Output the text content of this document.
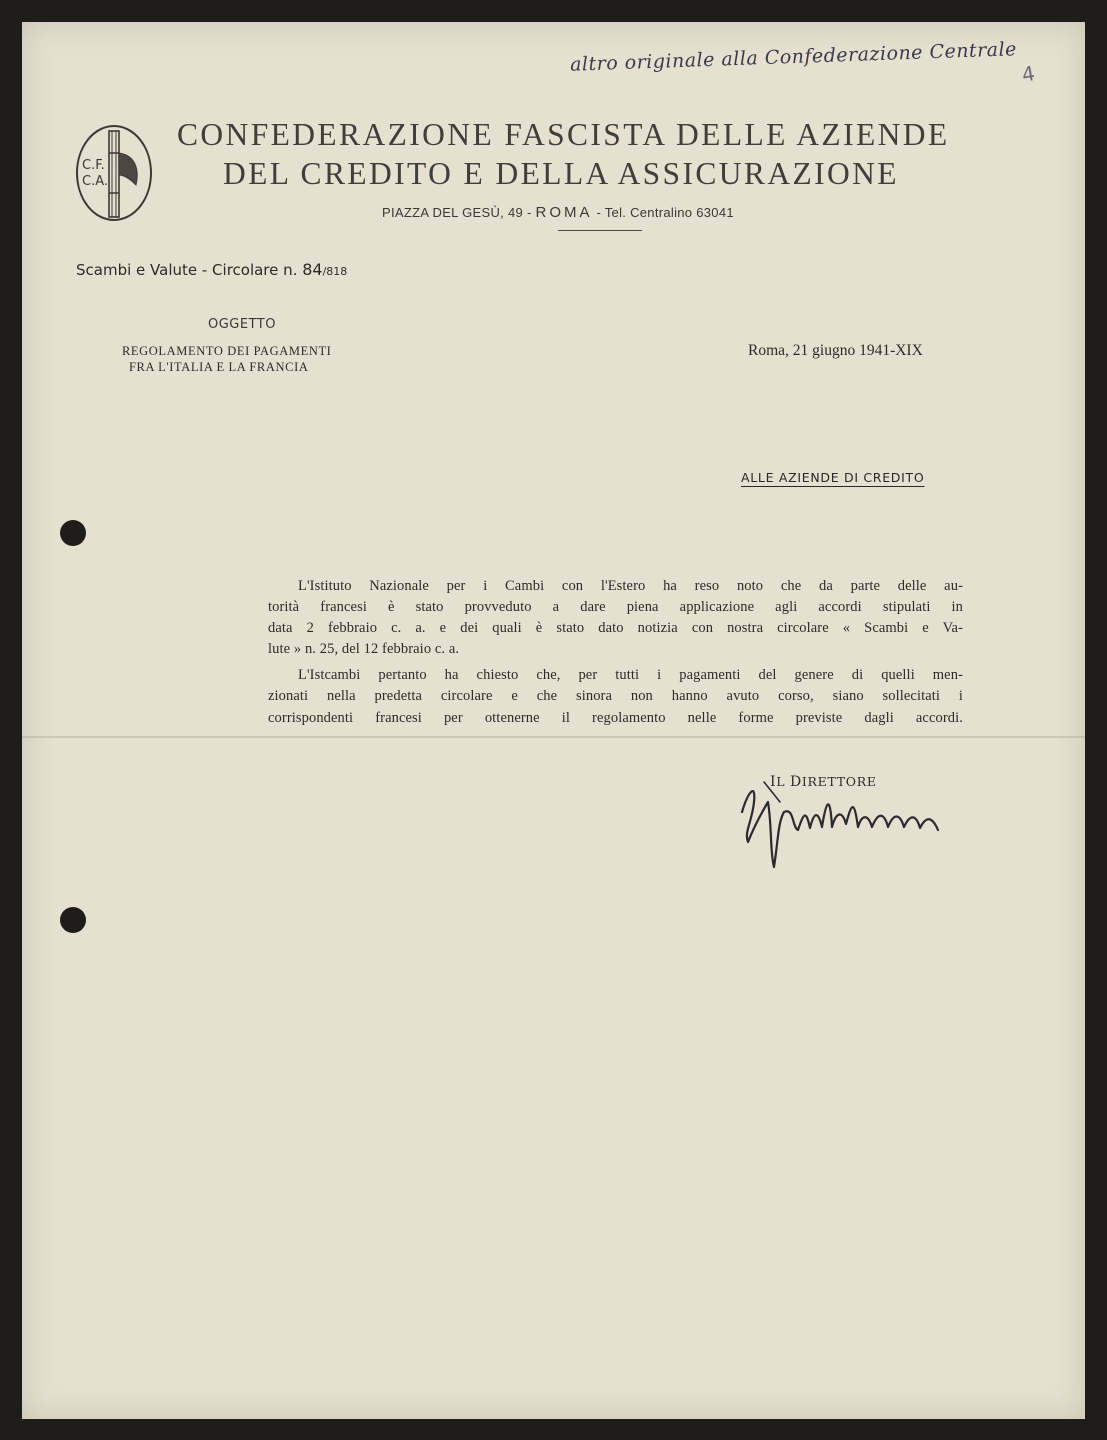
altro originale alla Confederazione Centrale 4
C.F.
C.A.
CONFEDERAZIONE FASCISTA DELLE AZIENDE
DEL CREDITO E DELLA ASSICURAZIONE
PIAZZA DEL GESÙ, 49 - ROMA - Tel. Centralino 63041
Scambi e Valute - Circolare n. 84/818
OGGETTO
REGOLAMENTO DEI PAGAMENTI
FRA L'ITALIA E LA FRANCIA
Roma, 21 giugno 1941-XIX
ALLE AZIENDE DI CREDITO
L'Istituto Nazionale per i Cambi con l'Estero ha reso noto che da parte delle au-
torità francesi è stato provveduto a dare piena applicazione agli accordi stipulati in
data 2 febbraio c. a. e dei quali è stato dato notizia con nostra circolare « Scambi e Va-
lute » n. 25, del 12 febbraio c. a.
L'Istcambi pertanto ha chiesto che, per tutti i pagamenti del genere di quelli men-
zionati nella predetta circolare e che sinora non hanno avuto corso, siano sollecitati i
corrispondenti francesi per ottenerne il regolamento nelle forme previste dagli accordi.
IL DIRETTORE
Giustiniani
